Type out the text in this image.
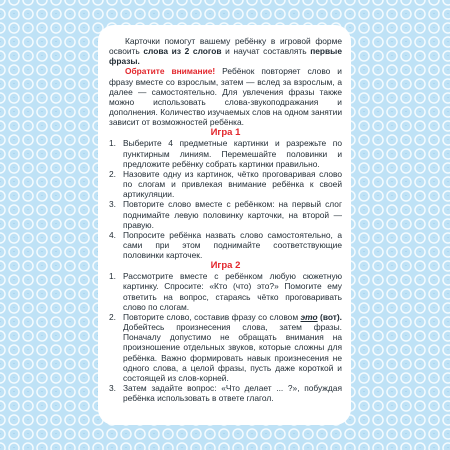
Карточки помогут вашему ребёнку в игровой форме освоить слова из 2 слогов и научат составлять первые фразы.

Обратите внимание! Ребёнок повторяет слово и фразу вместе со взрослым, затем — вслед за взрослым, а далее — самостоятельно. Для увлечения фразы также можно использовать слова-звукоподражания и дополнения. Количество изучаемых слов на одном занятии зависит от возможностей ребёнка.

Игра 1
1. Выберите 4 предметные картинки и разрежьте по пунктирным линиям. Перемешайте половинки и предложите ребёнку собрать картинки правильно.
2. Назовите одну из картинок, чётко проговаривая слово по слогам и привлекая внимание ребёнка к своей артикуляции.
3. Повторите слово вместе с ребёнком: на первый слог поднимайте левую половинку карточки, на второй — правую.
4. Попросите ребёнка назвать слово самостоятельно, а сами при этом поднимайте соответствующие половинки карточек.
Игра 2
1. Рассмотрите вместе с ребёнком любую сюжетную картинку. Спросите: «Кто (что) это?» Помогите ему ответить на вопрос, стараясь чётко проговаривать слово по слогам.
2. Повторите слово, составив фразу со словом это (вот). Добейтесь произнесения слова, затем фразы. Поначалу допустимо не обращать внимания на произношение отдельных звуков, которые сложны для ребёнка. Важно формировать навык произнесения не одного слова, а целой фразы, пусть даже короткой и состоящей из слов-корней.
3. Затем задайте вопрос: «Что делает ... ?», побуждая ребёнка использовать в ответе глагол.
